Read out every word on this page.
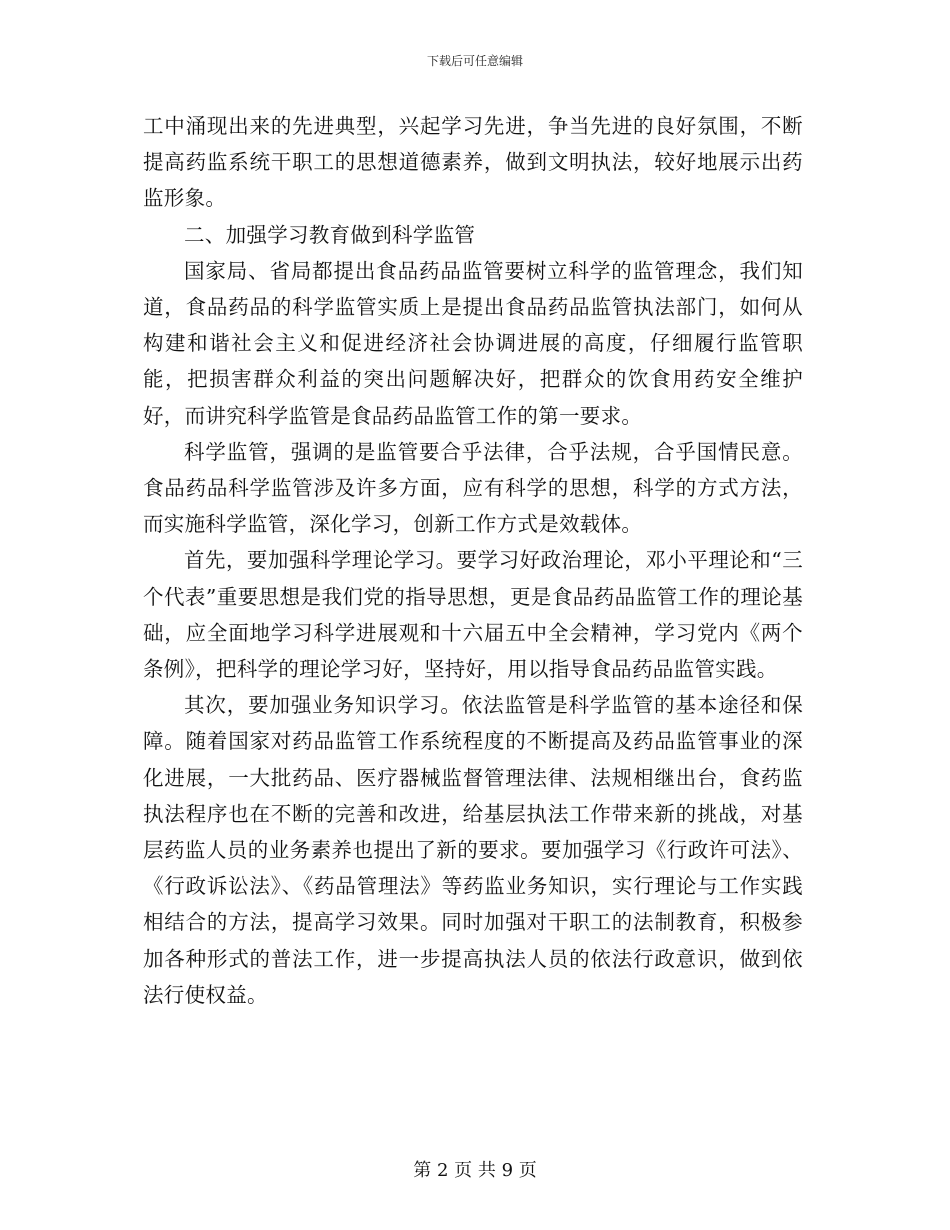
下载后可任意编辑

工中涌现出来的先进典型，兴起学习先进，争当先进的良好氛围，不断提高药监系统干职工的思想道德素养，做到文明执法，较好地展示出药监形象。

二、加强学习教育做到科学监管

国家局、省局都提出食品药品监管要树立科学的监管理念，我们知道，食品药品的科学监管实质上是提出食品药品监管执法部门，如何从构建和谐社会主义和促进经济社会协调进展的高度，仔细履行监管职能，把损害群众利益的突出问题解决好，把群众的饮食用药安全维护好，而讲究科学监管是食品药品监管工作的第一要求。

科学监管，强调的是监管要合乎法律，合乎法规，合乎国情民意。食品药品科学监管涉及许多方面，应有科学的思想，科学的方式方法，而实施科学监管，深化学习，创新工作方式是效载体。

首先，要加强科学理论学习。要学习好政治理论，邓小平理论和“三个代表”重要思想是我们党的指导思想，更是食品药品监管工作的理论基础，应全面地学习科学进展观和十六届五中全会精神，学习党内《两个条例》，把科学的理论学习好，坚持好，用以指导食品药品监管实践。

其次，要加强业务知识学习。依法监管是科学监管的基本途径和保障。随着国家对药品监管工作系统程度的不断提高及药品监管事业的深化进展，一大批药品、医疗器械监督管理法律、法规相继出台，食药监执法程序也在不断的完善和改进，给基层执法工作带来新的挑战，对基层药监人员的业务素养也提出了新的要求。要加强学习《行政许可法》、《行政诉讼法》、《药品管理法》等药监业务知识，实行理论与工作实践相结合的方法，提高学习效果。同时加强对干职工的法制教育，积极参加各种形式的普法工作，进一步提高执法人员的依法行政意识，做到依法行使权益。

第 2 页 共 9 页
